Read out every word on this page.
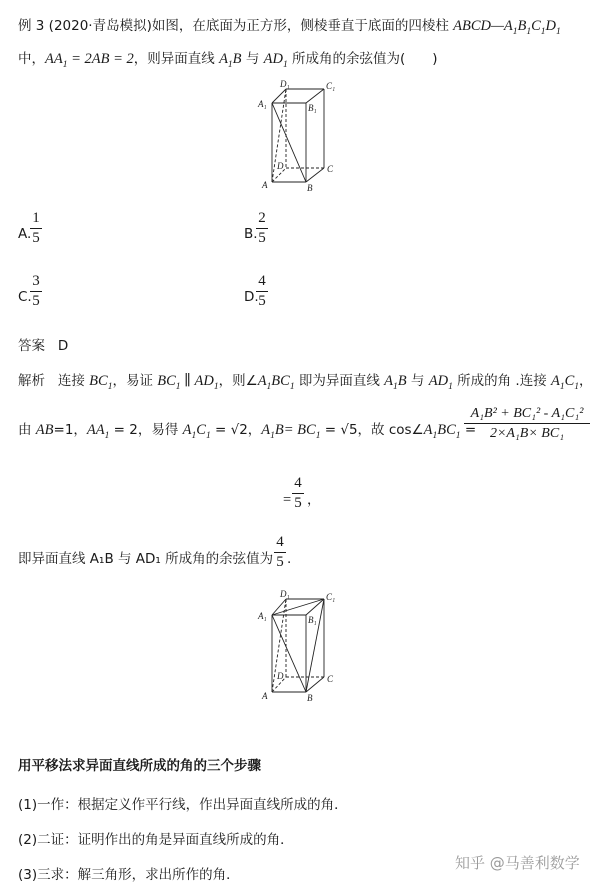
例 3 (2020·青岛模拟)如图，在底面为正方形，侧棱垂直于底面的四棱柱 $ABCD—A_1B_1C_1D_1$
中，$AA_1 = 2AB = 2$，则异面直线 $A_1B$ 与 $AD_1$ 所成角的余弦值为(　　)
A	B
C
D
A₁	B₁
C₁
D₁
A.
1
5	B.
2
5
C.
3
5	D.
4
5
答案 D
解析 连接 $BC_1$，易证 $BC_1$ ∥ $AD_1$，则$\angle A_1BC_1$ 即为异面直线 $A_1B$ 与 $AD_1$ 所成的角 .连接 $A_1C_1$，
由 AB=1，$AA_1 = 2$，易得 $A_1C_1 = √2$，$A_1B= BC_1 = √5$，故 $\cos\angle A_1BC_1$ =
A₁B² + BC₁² - A₁C₁²
2×A₁B× BC₁
=
4
5 ，
即异面直线 A₁B 与 AD₁ 所成角的余弦值为
4
5 .
A	B
C
D
A₁	B₁
C₁
D₁
用平移法求异面直线所成的角的三个步骤
(1)一作：根据定义作平行线，作出异面直线所成的角．
(2)二证：证明作出的角是异面直线所成的角．
(3)三求：解三角形，求出所作的角．
知乎 @马善利数学
